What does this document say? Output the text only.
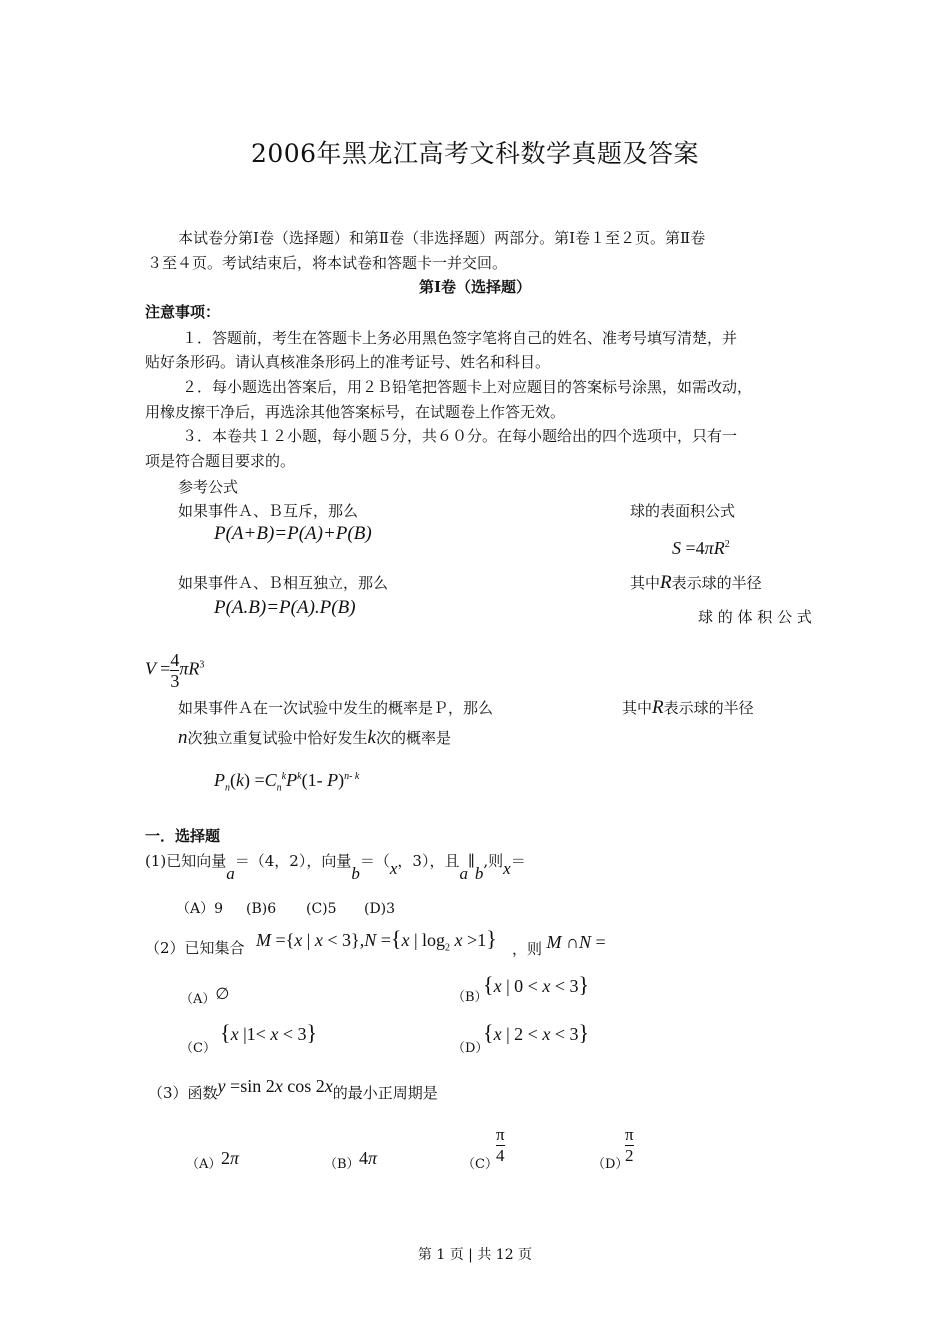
2006年黑龙江高考文科数学真题及答案
本试卷分第Ⅰ卷（选择题）和第Ⅱ卷（非选择题）两部分。第Ⅰ卷１至２页。第Ⅱ卷
３至４页。考试结束后，将本试卷和答题卡一并交回。
第Ⅰ卷（选择题）
注意事项：
１．答题前，考生在答题卡上务必用黑色签字笔将自己的姓名、准考号填写清楚，并
贴好条形码。请认真核准条形码上的准考证号、姓名和科目。
２．每小题选出答案后，用２Ｂ铅笔把答题卡上对应题目的答案标号涂黑，如需改动，
用橡皮擦干净后，再选涂其他答案标号，在试题卷上作答无效。
３．本卷共１２小题，每小题５分，共６０分。在每小题给出的四个选项中，只有一
项是符合题目要求的。
参考公式
如果事件Ａ、Ｂ互斥，那么	球的表面积公式
P(A+B)=P(A)+P(B)
$S =4\pi R^2$
如果事件Ａ、Ｂ相互独立，那么	其中R表示球的半径
P(A.B)=P(A).P(B)	球 的 体 积 公 式
$V = \frac{4}{3} \pi R^3$
如果事件Ａ在一次试验中发生的概率是Ｐ，那么	其中R表示球的半径
n次独立重复试验中恰好发生k次的概率是
$P_n(k) =C_n^kP^k(1-$ P)$^{n- k}$
一．选择题
(1)已知向量a＝（4，2），向量b＝（x，3），且a∥b,则x＝
（A）9 (B)6 (C)5 (D)3
（2）已知集合 M ={x | x < 3},N ={x | $\log_2 x >1$} ，则 M ∩N =
（A）∅	（B）
{x | 0 < x < 3}
（C）
{x |1< x < 3}
（D）
{x | 2 < x < 3}
（3）函数y =sin 2x cos 2x的最小正周期是
（A） 2π	（B） 4π	（C）
$\frac{\pi}{4}$	（D）
$\frac{\pi}{2}$
第 1 页 | 共 12 页
